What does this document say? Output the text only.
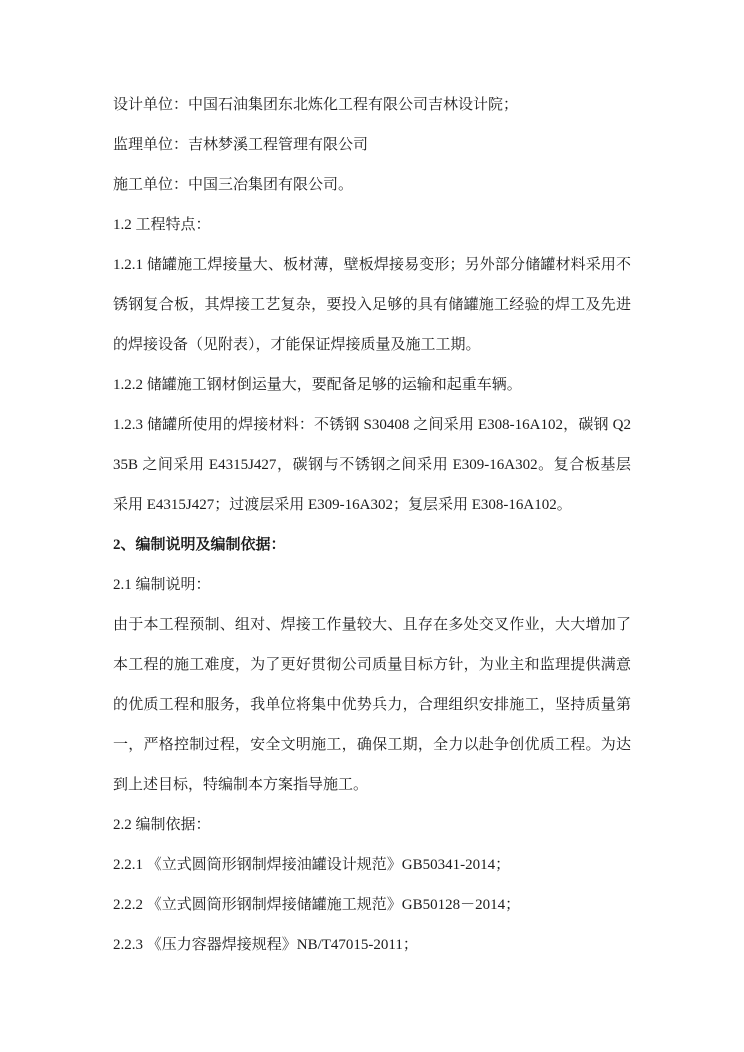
设计单位：中国石油集团东北炼化工程有限公司吉林设计院；

监理单位：吉林梦溪工程管理有限公司

施工单位：中国三冶集团有限公司。

1.2 工程特点：

1.2.1 储罐施工焊接量大、板材薄，壁板焊接易变形；另外部分储罐材料采用不锈钢复合板，其焊接工艺复杂，要投入足够的具有储罐施工经验的焊工及先进的焊接设备（见附表），才能保证焊接质量及施工工期。

1.2.2 储罐施工钢材倒运量大，要配备足够的运输和起重车辆。

1.2.3 储罐所使用的焊接材料：不锈钢 S30408 之间采用 E308-16A102，碳钢 Q235B 之间采用 E4315J427，碳钢与不锈钢之间采用 E309-16A302。复合板基层采用 E4315J427；过渡层采用 E309-16A302；复层采用 E308-16A102。

2、编制说明及编制依据：

2.1 编制说明：

由于本工程预制、组对、焊接工作量较大、且存在多处交叉作业，大大增加了本工程的施工难度，为了更好贯彻公司质量目标方针，为业主和监理提供满意的优质工程和服务，我单位将集中优势兵力，合理组织安排施工，坚持质量第一，严格控制过程，安全文明施工，确保工期，全力以赴争创优质工程。为达到上述目标，特编制本方案指导施工。

2.2 编制依据：

2.2.1 《立式圆筒形钢制焊接油罐设计规范》GB50341-2014；

2.2.2 《立式圆筒形钢制焊接储罐施工规范》GB50128－2014；

2.2.3 《压力容器焊接规程》NB/T47015-2011；
